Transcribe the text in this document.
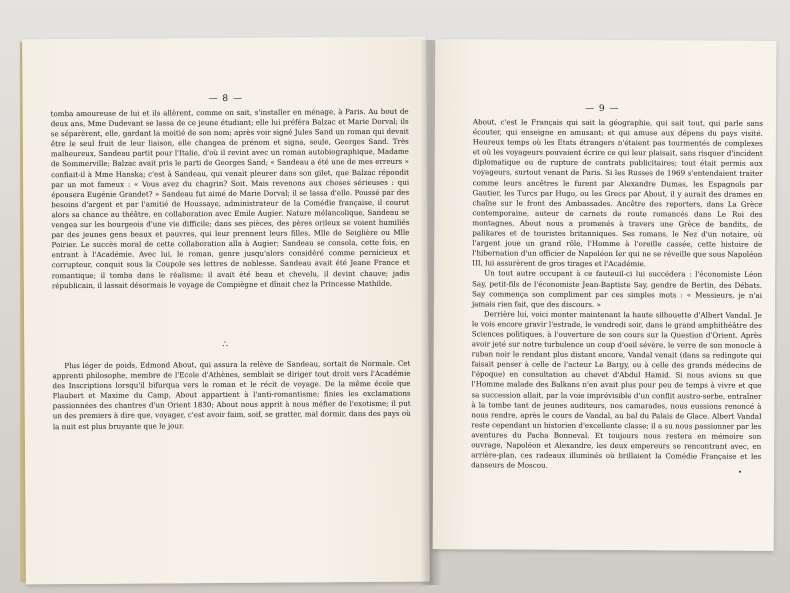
— 8 —

tomba amoureuse de lui et ils allèrent, comme on sait, s'installer en ménage, à Paris. Au bout de deux ans, Mme Dudevant se lassa de ce jeune étudiant; elle lui préféra Balzac et Marie Dorval; ils se séparèrent, elle, gardant la moitié de son nom; après voir signé Jules Sand un roman qui devait être le seul fruit de leur liaison, elle changea de prénom et signa, seule, Georges Sand. Très malheureux, Sandeau partit pour l'Italie, d'où il revint avec un roman autobiographique, Madame de Sommerville; Balzac avait pris le parti de Georges Sand; « Sandeau a été une de mes erreurs » confiait-il à Mme Hanska; c'est à Sandeau, qui venait pleurer dans son gilet, que Balzac répondit par un mot fameux : « Vous avez du chagrin? Soit. Mais revenons aux choses sérieuses : qui épousera Eugénie Grandet? » Sandeau fut aimé de Marie Dorval; il se lassa d'elle. Poussé par des besoins d'argent et par l'amitié de Houssaye, administrateur de la Comédie française, il courut alors sa chance au théâtre, en collaboration avec Emile Augier. Nature mélancolique, Sandeau se vengea sur les bourgeois d'une vie difficile; dans ses pièces, des pères orileux se voient humiliés par des jeunes gens beaux et pauvres, qui leur prennent leurs filles, Mlle de Seiglière ou Mlle Poirier. Le succès moral de cette collaboration alla à Augier; Sandeau se consola, cette fois, en entrant à l'Académie. Avec lui, le roman, genre jusqu'alors considéré comme pernicieux et corrupteur, conquit sous la Coupole ses lettres de noblesse. Sandeau avait été Jeane France et romantique; il tomba dans le réalisme; il avait été beau et chevelu, il devint chauve; jadis républicain, il lassait désormais le voyage de Compiègne et dînait chez la Princesse Mathilde.

∴

Plus léger de poids, Edmond About, qui assura la relève de Sandeau, sortait de Normale. Cet apprenti philosophe, membre de l'Ecole d'Athènes, semblait se diriger tout droit vers l'Académie des Inscriptions lorsqu'il bifurqua vers le roman et le récit de voyage. De la même école que Flaubert et Maxime du Camp, About appartient à l'anti-romantisme; finies les exclamations passionnées des chantres d'un Orient 1830; About nous apprit à nous méfier de l'exotisme; il put un des premiers à dire que, voyager, c'est avoir faim, soif, se gratter, mal dormir, dans des pays où la nuit est plus bruyante que le jour.

— 9 —

About, c'est le Français qui sait la géographie, qui sait tout, qui parle sans écouter, qui enseigne en amusant; et qui amuse aux dépens du pays visité. Heureux temps où les Etats étrangers n'étaient pas tourmentés de complexes et où les voyageurs pouvaient écrire ce qui leur plaisait, sans risquer d'incident diplomatique ou de rupture de contrats publicitaires; tout était permis aux voyageurs, surtout venant de Paris. Si les Russes de 1969 s'entendaient traiter comme leurs ancêtres le furent par Alexandre Dumas, les Espagnols par Gautier, les Turcs par Hugo, ou les Grecs par About, il y aurait des drames en chaîne sur le front des Ambassades. Ancêtre des reporters, dans La Grèce contemporaine, auteur de carnets de route romancés dans Le Roi des montagnes, About nous a promenés à travers une Grèce de bandits, de palikares et de touristes britanniques. Ses romans, le Nez d'un notaire, où l'argent joue un grand rôle, l'Homme à l'oreille cassée, cette histoire de l'hibernation d'un officier de Napoléon Ier qui ne se réveille que sous Napoléon III, lui assurèrent de gros tirages et l'Académie.

Un tout autre occupant à ce fauteuil-ci lui succédera : l'économiste Léon Say, petit-fils de l'économiste Jean-Baptiste Say, gendre de Bertin, des Débats. Say commença son compliment par ces simples mots : « Messieurs, je n'ai jamais rien fait, que des discours. »

Derrière lui, voici monter maintenant la haute silhouette d'Albert Vandal. Je le vois encore gravir l'estrade, le vendredi soir, dans le grand amphithéâtre des Sciences politiques, à l'ouverture de son cours sur la Question d'Orient. Après avoir jeté sur notre turbulence un coup d'oeil sévère, le verre de son monocle à ruban noir le rendant plus distant encore, Vandal venait (dans sa redingote qui faisait penser à celle de l'acteur Le Bargy, ou à celle des grands médecins de l'époque) en consultation au chevet d'Abdul Hamid. Si nous avions su que l'Homme malade des Balkans n'en avait plus pour peu de temps à vivre et que sa succession allait, par la voie imprévisible d'un conflit austro-serbe, entraîner à la tombe tant de jeunes auditeurs, nos camarades, nous eussions renoncé à nous rendre, après le cours de Vandal, au bal du Palais de Glace. Albert Vandal reste cependant un historien d'excellente classe; il a su nous passionner par les aventures du Pacha Bonneval. Et toujours nous restera en mémoire son ouvrage, Napoléon et Alexandre, les deux empereurs se rencontrant avec, en arrière-plan, ces radeaux illuminés où brillaient la Comédie Française et les danseurs de Moscou.
